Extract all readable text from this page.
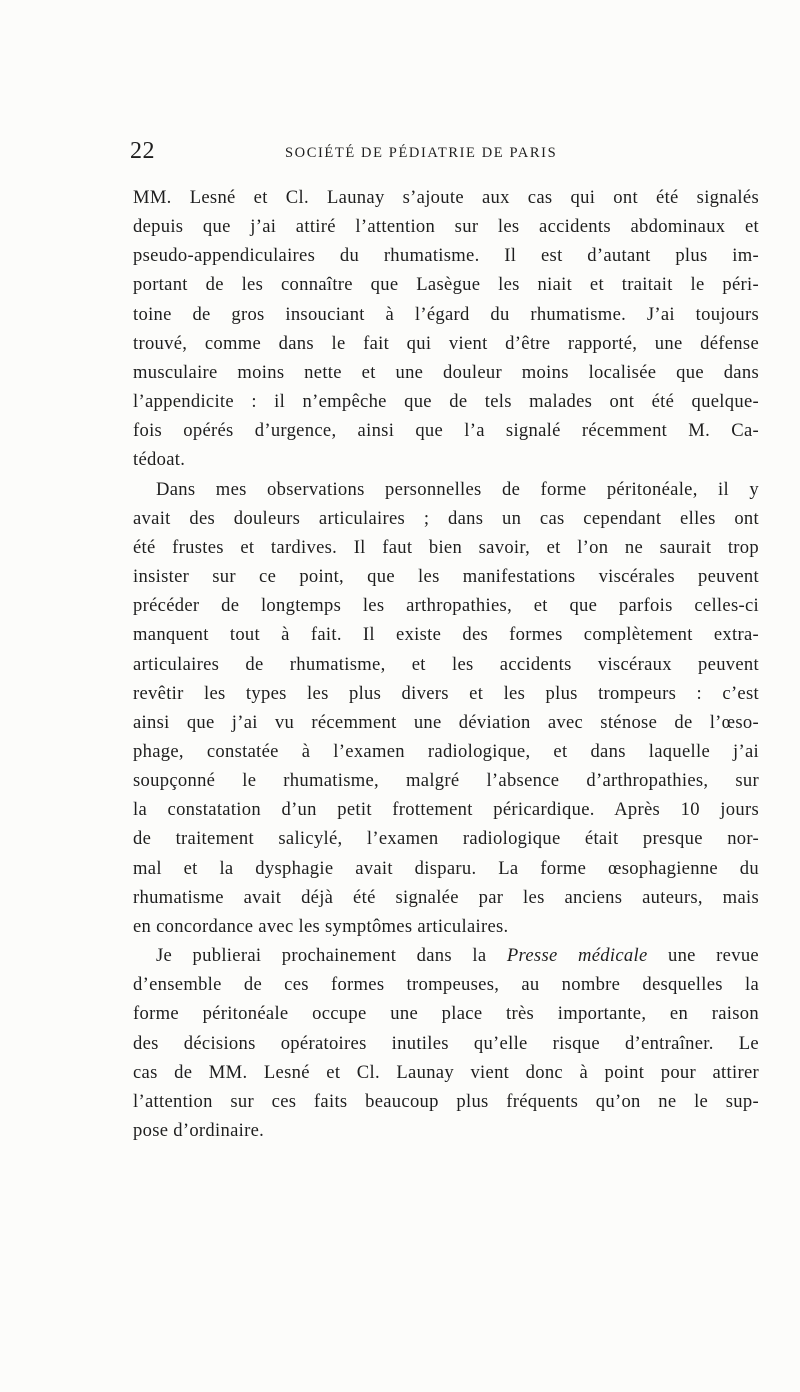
22	SOCIÉTÉ DE PÉDIATRIE DE PARIS
MM. Lesné et Cl. Launay s’ajoute aux cas qui ont été signalés
depuis que j’ai attiré l’attention sur les accidents abdominaux et
pseudo-appendiculaires du rhumatisme. Il est d’autant plus im-
portant de les connaître que Lasègue les niait et traitait le péri-
toine de gros insouciant à l’égard du rhumatisme. J’ai toujours
trouvé, comme dans le fait qui vient d’être rapporté, une défense
musculaire moins nette et une douleur moins localisée que dans
l’appendicite : il n’empêche que de tels malades ont été quelque-
fois opérés d’urgence, ainsi que l’a signalé récemment M. Ca-
tédoat.
Dans mes observations personnelles de forme péritonéale, il y
avait des douleurs articulaires ; dans un cas cependant elles ont
été frustes et tardives. Il faut bien savoir, et l’on ne saurait trop
insister sur ce point, que les manifestations viscérales peuvent
précéder de longtemps les arthropathies, et que parfois celles-ci
manquent tout à fait. Il existe des formes complètement extra-
articulaires de rhumatisme, et les accidents viscéraux peuvent
revêtir les types les plus divers et les plus trompeurs : c’est
ainsi que j’ai vu récemment une déviation avec sténose de l’œso-
phage, constatée à l’examen radiologique, et dans laquelle j’ai
soupçonné le rhumatisme, malgré l’absence d’arthropathies, sur
la constatation d’un petit frottement péricardique. Après 10 jours
de traitement salicylé, l’examen radiologique était presque nor-
mal et la dysphagie avait disparu. La forme œsophagienne du
rhumatisme avait déjà été signalée par les anciens auteurs, mais
en concordance avec les symptômes articulaires.
Je publierai prochainement dans la Presse médicale une revue
d’ensemble de ces formes trompeuses, au nombre desquelles la
forme péritonéale occupe une place très importante, en raison
des décisions opératoires inutiles qu’elle risque d’entraîner. Le
cas de MM. Lesné et Cl. Launay vient donc à point pour attirer
l’attention sur ces faits beaucoup plus fréquents qu’on ne le sup-
pose d’ordinaire.
